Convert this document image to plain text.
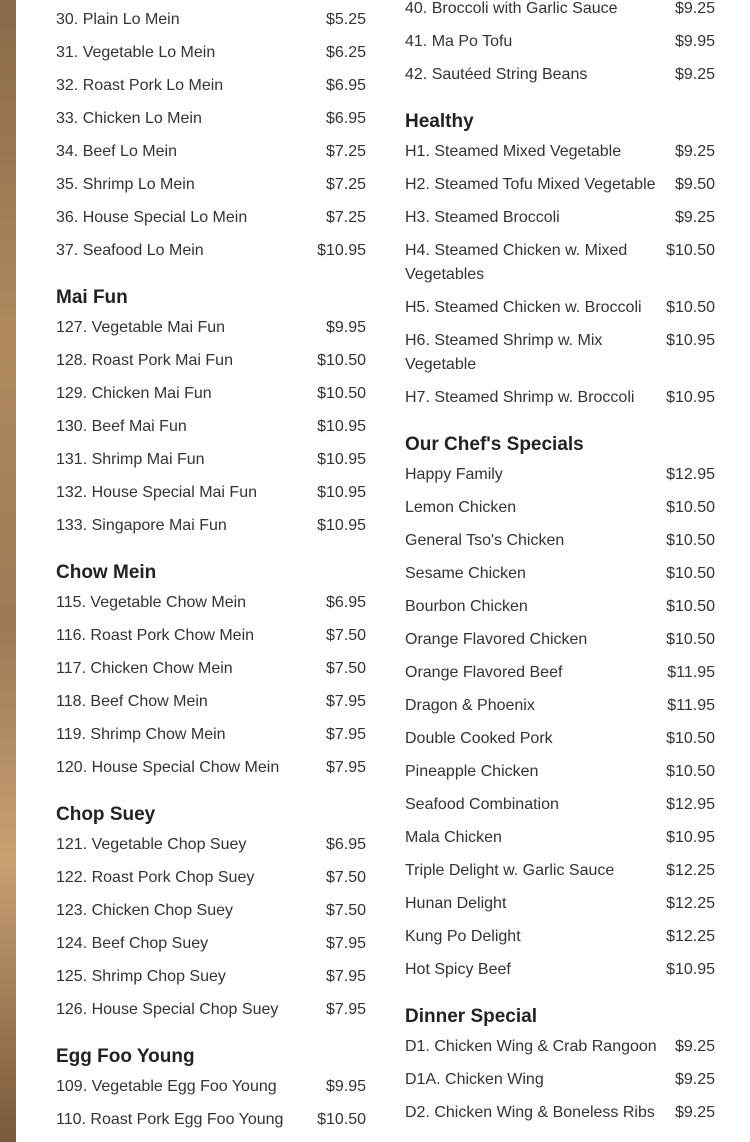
30. Plain Lo Mein	$5.25
31. Vegetable Lo Mein	$6.25
32. Roast Pork Lo Mein	$6.95
33. Chicken Lo Mein	$6.95
34. Beef Lo Mein	$7.25
35. Shrimp Lo Mein	$7.25
36. House Special Lo Mein	$7.25
37. Seafood Lo Mein	$10.95
Mai Fun
127. Vegetable Mai Fun	$9.95
128. Roast Pork Mai Fun	$10.50
129. Chicken Mai Fun	$10.50
130. Beef Mai Fun	$10.95
131. Shrimp Mai Fun	$10.95
132. House Special Mai Fun	$10.95
133. Singapore Mai Fun	$10.95
Chow Mein
115. Vegetable Chow Mein	$6.95
116. Roast Pork Chow Mein	$7.50
117. Chicken Chow Mein	$7.50
118. Beef Chow Mein	$7.95
119. Shrimp Chow Mein	$7.95
120. House Special Chow Mein	$7.95
Chop Suey
121. Vegetable Chop Suey	$6.95
122. Roast Pork Chop Suey	$7.50
123. Chicken Chop Suey	$7.50
124. Beef Chop Suey	$7.95
125. Shrimp Chop Suey	$7.95
126. House Special Chop Suey	$7.95
Egg Foo Young
109. Vegetable Egg Foo Young	$9.95
110. Roast Pork Egg Foo Young	$10.50
40. Broccoli with Garlic Sauce	$9.25
41. Ma Po Tofu	$9.95
42. Sautéed String Beans	$9.25
Healthy
H1. Steamed Mixed Vegetable	$9.25
H2. Steamed Tofu Mixed Vegetable	$9.50
H3. Steamed Broccoli	$9.25
H4. Steamed Chicken w. Mixed Vegetables
$10.50
H5. Steamed Chicken w. Broccoli	$10.50
H6. Steamed Shrimp w. Mix Vegetable
$10.95
H7. Steamed Shrimp w. Broccoli	$10.95
Our Chef's Specials
Happy Family	$12.95
Lemon Chicken	$10.50
General Tso's Chicken	$10.50
Sesame Chicken	$10.50
Bourbon Chicken	$10.50
Orange Flavored Chicken	$10.50
Orange Flavored Beef	$11.95
Dragon & Phoenix	$11.95
Double Cooked Pork	$10.50
Pineapple Chicken	$10.50
Seafood Combination	$12.95
Mala Chicken	$10.95
Triple Delight w. Garlic Sauce	$12.25
Hunan Delight	$12.25
Kung Po Delight	$12.25
Hot Spicy Beef	$10.95
Dinner Special
D1. Chicken Wing & Crab Rangoon	$9.25
D1A. Chicken Wing	$9.25
D2. Chicken Wing & Boneless Ribs	$9.25
